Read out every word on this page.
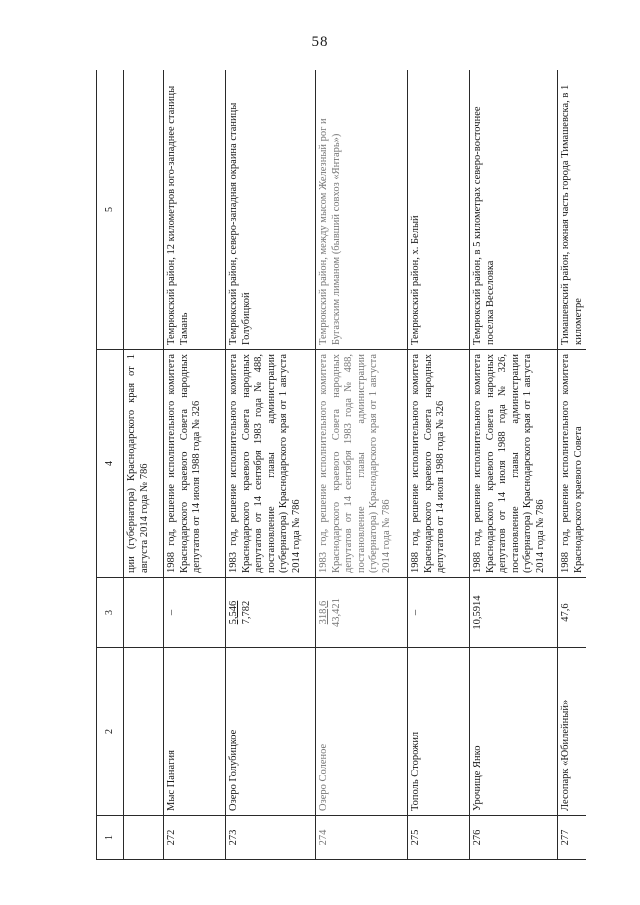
58
1	2	3	4	5
			ции (губернатора) Краснодарского края от 1 августа 2014 года № 786	
272	Мыс Панагия	–	1988 год, решение исполнительного комитета Краснодарского краевого Совета народных депутатов от 14 июля 1988 года № 326	Темрюкский район, 12 километров юго-западнее станицы Тамань
273	Озеро Голубицкое	5,546 7,782	1983 год, решение исполнительного комитета Краснодарского краевого Совета народных депутатов от 14 сентября 1983 года № 488, постановление главы администрации (губернатора) Краснодарского края от 1 августа 2014 года № 786	Темрюкский район, северо-западная окраина станицы Голубицкой
274	Озеро Соленое	318,6 43,421	1983 год, решение исполнительного комитета Краснодарского краевого Совета народных депутатов от 14 сентября 1983 года № 488, постановление главы администрации (губернатора) Краснодарского края от 1 августа 2014 года № 786	Темрюкский район, между мысом Железный рог и Бугазским лиманом (бывший совхоз «Янтарь»)
275	Тополь Сторожил	–	1988 год, решение исполнительного комитета Краснодарского краевого Совета народных депутатов от 14 июля 1988 года № 326	Темрюкский район, х. Белый
276	Урочище Янко	10,5914	1988 год, решение исполнительного комитета Краснодарского краевого Совета народных депутатов от 14 июля 1988 года № 326, постановление главы администрации (губернатора) Краснодарского края от 1 августа 2014 года № 786	Темрюкский район, в 5 километрах северо-восточнее поселка Веселовка
277	Лесопарк «Юбилейный»	47,6	1988 год, решение исполнительного комитета Краснодарского краевого Совета	Тимашевский район, южная часть города Тимашевска, в 1 километре
